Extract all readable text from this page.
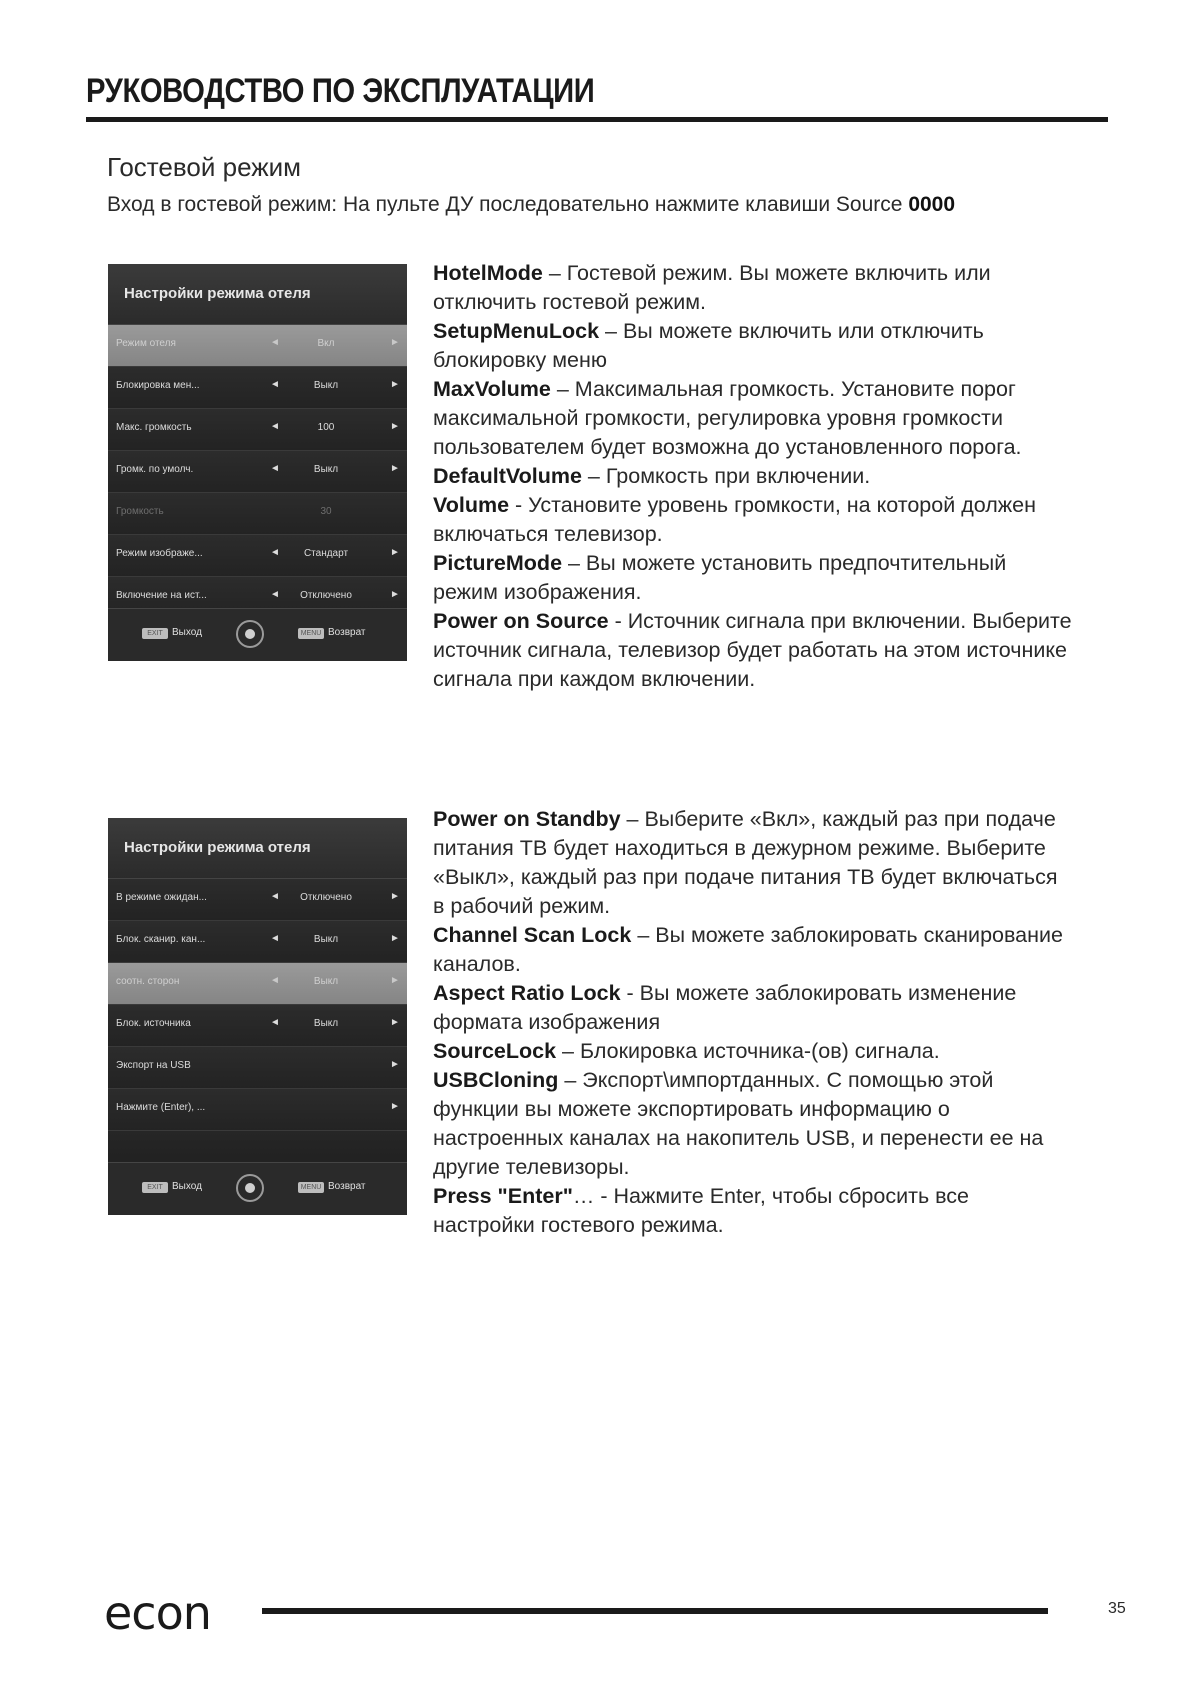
РУКОВОДСТВО ПО ЭКСПЛУАТАЦИИ
Гостевой режим
Вход в гостевой режим: На пульте ДУ последовательно нажмите клавиши Source 0000
Настройки режима отеля
Режим отеля	◄	Вкл	►
Блокировка мен...	◄	Выкл	►
Макс. громкость	◄	100	►
Громк. по умолч.	◄	Выкл	►
Громкость	30
Режим изображе...	◄	Стандарт	►
Включение на ист...	◄	Отключено	►
EXIT Выход	MENU Возврат

HotelMode – Гостевой режим. Вы можете включить или отключить гостевой режим.

SetupMenuLock – Вы можете включить или отключить блокировку меню

MaxVolume – Максимальная громкость. Установите порог максимальной громкости, регулировка уровня громкости пользователем будет возможна до установленного порога.

DefaultVolume – Громкость при включении.

Volume - Установите уровень громкости, на которой должен включаться телевизор.

PictureMode – Вы можете установить предпочтительный режим изображения.

Power on Source - Источник сигнала при включении. Выберите источник сигнала, телевизор будет работать на этом источнике сигнала при каждом включении.

Настройки режима отеля
В режиме ожидан...	◄	Отключено	►
Блок. сканир. кан...	◄	Выкл	►
соотн. сторон	◄	Выкл	►
Блок. источника	◄	Выкл	►
Экспорт на USB	►
Нажмите (Enter), ...	►
EXIT Выход	MENU Возврат

Power on Standby – Выберите «Вкл», каждый раз при подаче питания ТВ будет находиться в дежурном режиме. Выберите «Выкл», каждый раз при подаче питания ТВ будет включаться в рабочий режим.

Channel Scan Lock – Вы можете заблокировать сканирование каналов.

Aspect Ratio Lock - Вы можете заблокировать изменение формата изображения

SourceLock – Блокировка источника-(ов) сигнала.

USBCloning – Экспорт\импортданных. С помощью этой функции вы можете экспортировать информацию о настроенных каналах на накопитель USB, и перенести ее на другие телевизоры.

Press "Enter"… - Нажмите Enter, чтобы сбросить все настройки гостевого режима.

econ	35
